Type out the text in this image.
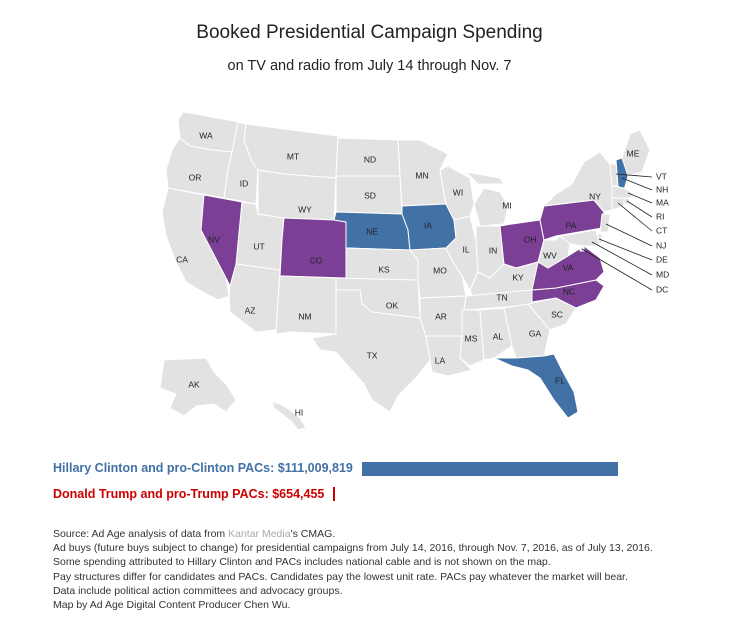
Booked Presidential Campaign Spending
on TV and radio from July 14 through Nov. 7
WA
OR
CA
ID
NV
UT
AZ
MT
WY
CO
NM
ND
SD
NE
KS
OK
TX
MN
IA
MO
AR
LA
WI
IL
MI
IN
OH
KY
TN
MS AL	GA
FL
SC
NC
VA
WV
PA
NY
ME
VT
NH
MA
RI
CT
NJ
DE
MD
DC
AK
HI
Hillary Clinton and pro-Clinton PACs: $111,009,819
Donald Trump and pro-Trump PACs: $654,455
Source: Ad Age analysis of data from Kantar Media's CMAG.
Ad buys (future buys subject to change) for presidential campaigns from July 14, 2016, through Nov. 7, 2016, as of July 13, 2016.
Some spending attributed to Hillary Clinton and PACs includes national cable and is not shown on the map.
Pay structures differ for candidates and PACs. Candidates pay the lowest unit rate. PACs pay whatever the market will bear.
Data include political action committees and advocacy groups.
Map by Ad Age Digital Content Producer Chen Wu.
